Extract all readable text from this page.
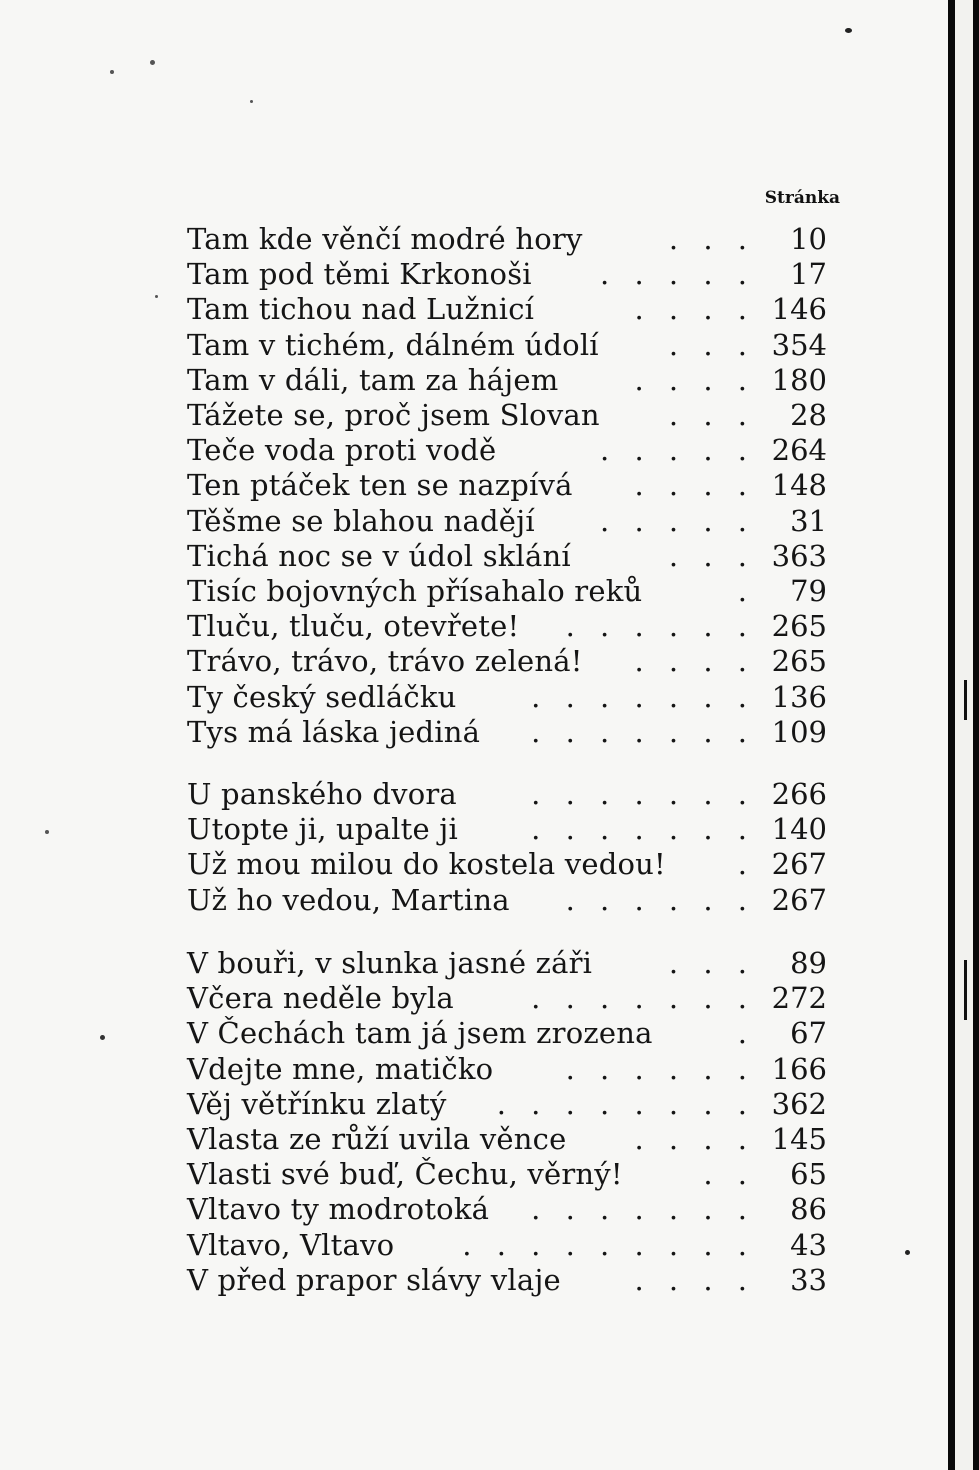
Stránka
Tam kde věnčí modré hory	. . .	10
Tam pod těmi Krkonoši . . . . .	17
Tam tichou nad Lužnicí	. . . . 146
Tam v tichém, dálném údolí . . . 354
Tam v dáli, tam za hájem	. . . . 180
Tážete se, proč jsem Slovan . . .	28
Teče voda proti vodě	. . . . . 264
Ten ptáček ten se nazpívá . . . . 148
Těšme se blahou nadějí . . . . .	31
Tichá noc se v údol sklání	. . . 363
Tisíc bojovných přísahalo reků	.	79
Tluču, tluču, otevřete! . . . . . . 265
Trávo, trávo, trávo zelená! . . . . 265
Ty český sedláčku	. . . . . . . 136
Tys má láska jediná . . . . . . . 109
U panského dvora	. . . . . . . 266
Utopte ji, upalte ji	. . . . . . . 140
Už mou milou do kostela vedou! . 267
Už ho vedou, Martina . . . . . . 267
V bouři, v slunka jasné záři	. . .	89
Včera neděle byla	. . . . . . . 272
V Čechách tam já jsem zrozena	.	67
Vdejte mne, matičko . . . . . . 166
Věj větřínku zlatý . . . . . . . . 362
Vlasta ze růží uvila věnce . . . . 145
Vlasti své buď, Čechu, věrný!	. .	65
Vltavo ty modrotoká . . . . . . .	86
Vltavo, Vltavo . . . . . . . . .	43
V před prapor slávy vlaje	. . . .	33
